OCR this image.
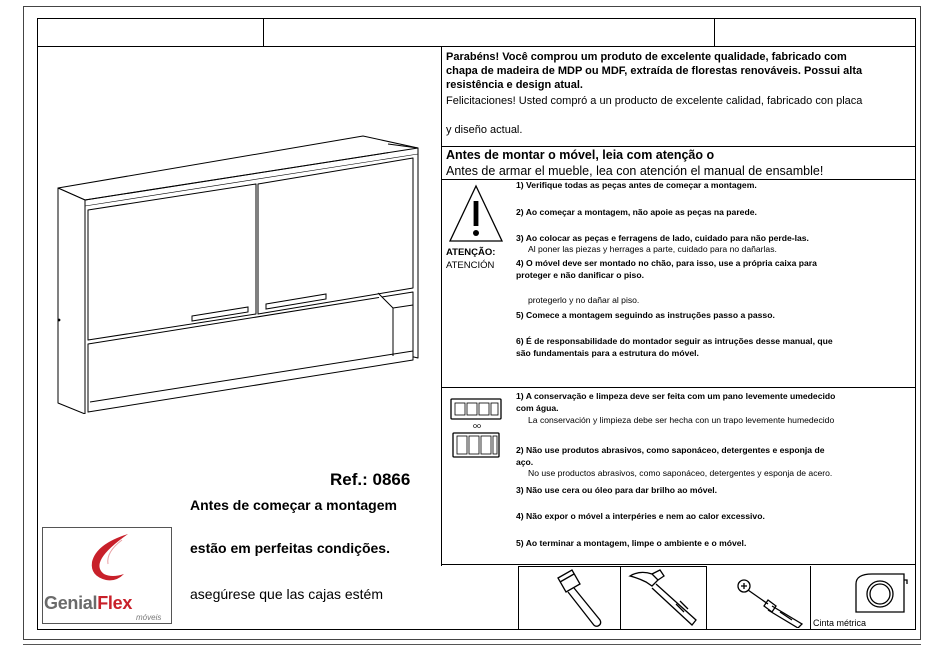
Parabéns! Você comprou um produto de excelente qualidade, fabricado com
chapa de madeira de MDP ou MDF, extraída de florestas renováveis. Possui alta
resistência e design atual.
Felicitaciones! Usted compró a un producto de excelente calidad, fabricado con placa
y diseño actual.
Antes de montar o móvel, leia com atenção o
Antes de armar el mueble, lea con atención el manual de ensamble!
ATENÇÃO:
ATENCIÓN
1) Verifique todas as peças antes de começar a montagem.
2) Ao começar a montagem, não apoie as peças na parede.
3) Ao colocar as peças e ferragens de lado, cuidado para não perde-las.
Al poner las piezas y herrages a parte, cuidado para no dañarlas.
4) O móvel deve ser montado no chão, para isso, use a própria caixa para
proteger e não danificar o piso.
protegerlo y no dañar al piso.
5) Comece a montagem seguindo as instruções passo a passo.
6) É de responsabilidade do montador seguir as intruções desse manual, que
são fundamentais para a estrutura do móvel.
1) A conservação e limpeza deve ser feita com um pano levemente umedecido
com água.
La conservación y limpieza debe ser hecha con un trapo levemente humedecido
2) Não use produtos abrasivos, como saponáceo, detergentes e esponja de
aço.
No use productos abrasivos, como saponáceo, detergentes y esponja de acero.
3) Não use cera ou óleo para dar brilho ao móvel.
4) Não expor o móvel a interpéries e nem ao calor excessivo.
5) Ao terminar a montagem, limpe o ambiente e o móvel.
Cinta métrica
Ref.: 0866
Antes de começar a montagem
estão em perfeitas condições.
asegúrese que las cajas estém
GenialFlex
móveis
